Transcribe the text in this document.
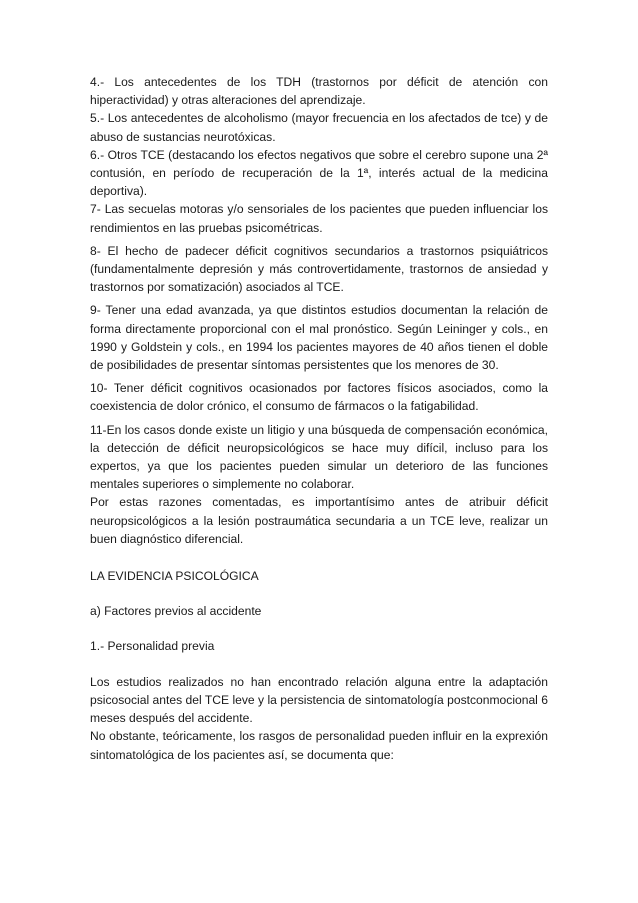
4.- Los antecedentes de los TDH (trastornos por déficit de atención con hiperactividad) y otras alteraciones del aprendizaje.

5.- Los antecedentes de alcoholismo (mayor frecuencia en los afectados de tce) y de abuso de sustancias neurotóxicas.

6.- Otros TCE (destacando los efectos negativos que sobre el cerebro supone una 2ª contusión, en período de recuperación de la 1ª, interés actual de la medicina deportiva).

7- Las secuelas motoras y/o sensoriales de los pacientes que pueden influenciar los rendimientos en las pruebas psicométricas.

8- El hecho de padecer déficit cognitivos secundarios a trastornos psiquiátricos (fundamentalmente depresión y más controvertidamente, trastornos de ansiedad y trastornos por somatización) asociados al TCE.

9- Tener una edad avanzada, ya que distintos estudios documentan la relación de forma directamente proporcional con el mal pronóstico. Según Leininger y cols., en 1990 y Goldstein y cols., en 1994 los pacientes mayores de 40 años tienen el doble de posibilidades de presentar síntomas persistentes que los menores de 30.

10- Tener déficit cognitivos ocasionados por factores físicos asociados, como la coexistencia de dolor crónico, el consumo de fármacos o la fatigabilidad.

11-En los casos donde existe un litigio y una búsqueda de compensación económica, la detección de déficit neuropsicológicos se hace muy difícil, incluso para los expertos, ya que los pacientes pueden simular un deterioro de las funciones mentales superiores o simplemente no colaborar.

Por estas razones comentadas, es importantísimo antes de atribuir déficit neuropsicológicos a la lesión postraumática secundaria a un TCE leve, realizar un buen diagnóstico diferencial.

LA EVIDENCIA PSICOLÓGICA

a) Factores previos al accidente

1.- Personalidad previa

Los estudios realizados no han encontrado relación alguna entre la adaptación psicosocial antes del TCE leve y la persistencia de sintomatología postconmocional 6 meses después del accidente.

No obstante, teóricamente, los rasgos de personalidad pueden influir en la exprexión sintomatológica de los pacientes así, se documenta que:
